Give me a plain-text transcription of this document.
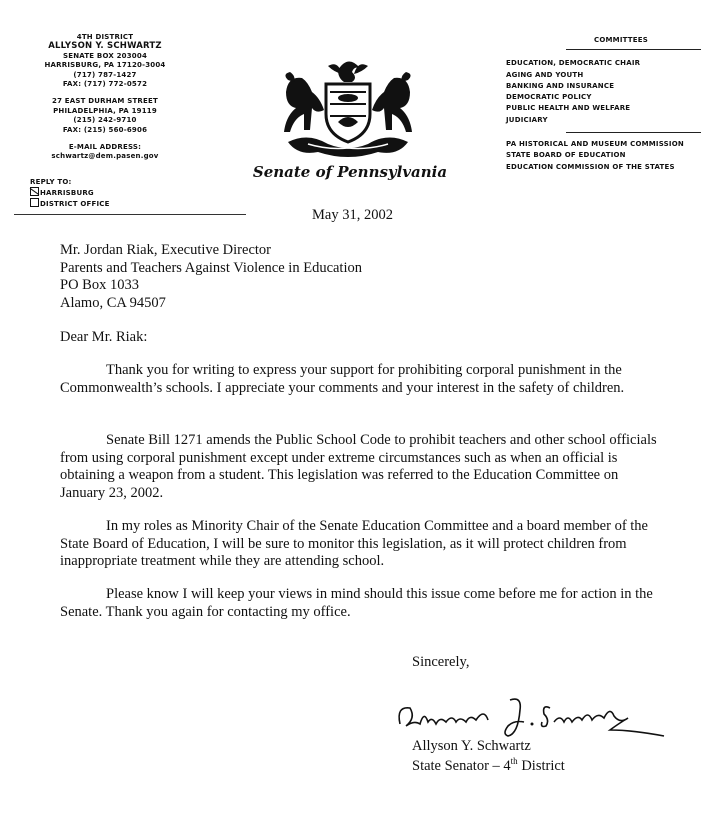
4TH DISTRICT
ALLYSON Y. SCHWARTZ
SENATE BOX 203004
HARRISBURG, PA 17120-3004
(717) 787-1427
FAX: (717) 772-0572
27 EAST DURHAM STREET
PHILADELPHIA, PA 19119
(215) 242-9710
FAX: (215) 560-6906
E-MAIL ADDRESS:
schwartz@dem.pasen.gov
REPLY TO:
HARRISBURG
DISTRICT OFFICE
Senate of Pennsylvania
COMMITTEES
EDUCATION, DEMOCRATIC CHAIR
AGING AND YOUTH
BANKING AND INSURANCE
DEMOCRATIC POLICY
PUBLIC HEALTH AND WELFARE
JUDICIARY
PA HISTORICAL AND MUSEUM COMMISSION
STATE BOARD OF EDUCATION
EDUCATION COMMISSION OF THE STATES
May 31, 2002
Mr. Jordan Riak, Executive Director
Parents and Teachers Against Violence in Education
PO Box 1033
Alamo, CA 94507
Dear Mr. Riak:
Thank you for writing to express your support for prohibiting corporal punishment in the Commonwealth’s schools. I appreciate your comments and your interest in the safety of children.
Senate Bill 1271 amends the Public School Code to prohibit teachers and other school officials from using corporal punishment except under extreme circumstances such as when an official is obtaining a weapon from a student. This legislation was referred to the Education Committee on January 23, 2002.
In my roles as Minority Chair of the Senate Education Committee and a board member of the State Board of Education, I will be sure to monitor this legislation, as it will protect children from inappropriate treatment while they are attending school.
Please know I will keep your views in mind should this issue come before me for action in the Senate. Thank you again for contacting my office.
Sincerely,
Allyson Y. Schwartz
State Senator – 4th District
